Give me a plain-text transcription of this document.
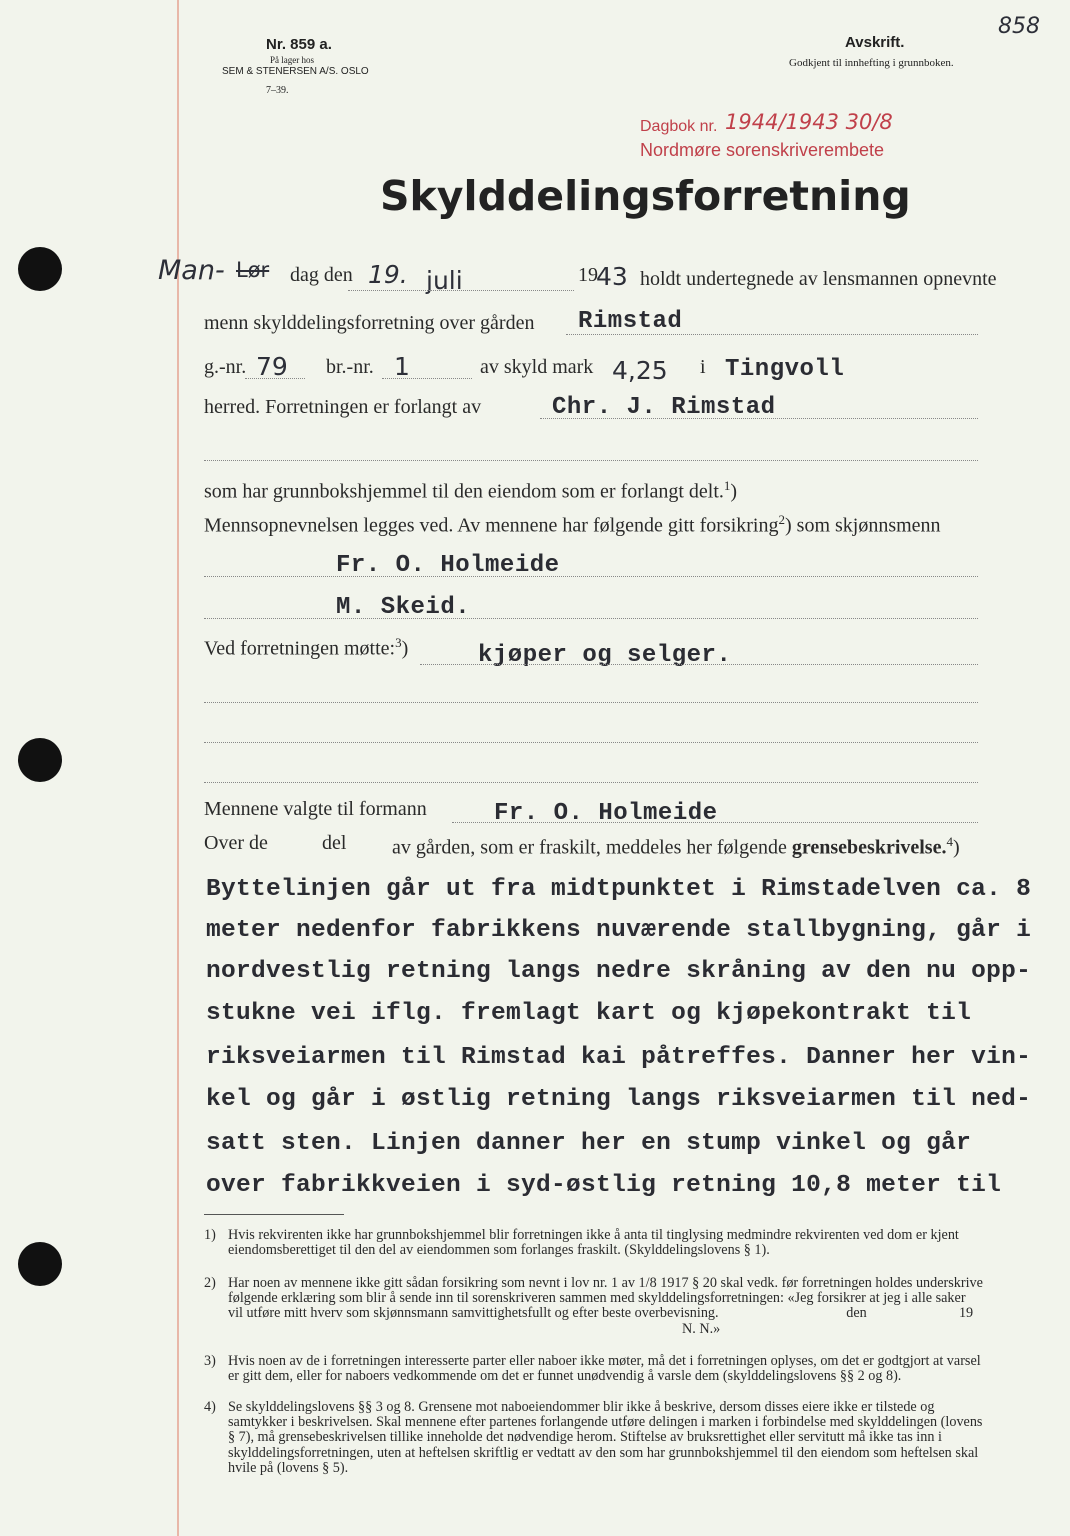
Nr. 859 a.
På lager hos
SEM & STENERSEN A/S. OSLO
7–39.
Avskrift.
Godkjent til innhefting i grunnboken.
858
Dagbok nr. 1944/1943 30/8
Nordmøre sorenskriverembete
Skylddelingsforretning
Man- Lør dag den 19. juli	19
43 holdt undertegnede av lensmannen opnevnte
menn skylddelingsforretning over gården Rimstad
g.-nr. 79 br.-nr. 1	av skyld mark 4,25 i Tingvoll
herred. Forretningen er forlangt av	Chr. J. Rimstad
som har grunnbokshjemmel til den eiendom som er forlangt delt.$^1$)
Mennsopnevnelsen legges ved. Av mennene har følgende gitt forsikring$^2$) som skjønnsmenn
Fr. O. Holmeide
M. Skeid.
Ved forretningen møtte:$^3$)	kjøper og selger.
Mennene valgte til formann	Fr. O. Holmeide
Over de	del av gården, som er fraskilt, meddeles her følgende grensebeskrivelse.$^4$)
Byttelinjen går ut fra midtpunktet i Rimstadelven ca. 8
meter nedenfor fabrikkens nuværende stallbygning, går i
nordvestlig retning langs nedre skråning av den nu opp-
stukne vei iflg. fremlagt kart og kjøpekontrakt til
riksveiarmen til Rimstad kai påtreffes. Danner her vin-
kel og går i østlig retning langs riksveiarmen til ned-
satt sten. Linjen danner her en stump vinkel og går
over fabrikkveien i syd-østlig retning 10,8 meter til
1) Hvis rekvirenten ikke har grunnbokshjemmel blir forretningen ikke å anta til tinglysing medmindre rekvirenten ved dom er kjent eiendomsberettiget til den del av eiendommen som forlanges fraskilt. (Skylddelingslovens § 1).
2) Har noen av mennene ikke gitt sådan forsikring som nevnt i lov nr. 1 av 1/8 1917 § 20 skal vedk. før forretningen holdes underskrive følgende erklæring som blir å sende inn til sorenskriveren sammen med skylddelingsforretningen: «Jeg forsikrer at jeg i alle saker vil utføre mitt hverv som skjønnsmann samvittighetsfullt og efter beste overbevisning.                                    den                          19
N. N.»
3) Hvis noen av de i forretningen interesserte parter eller naboer ikke møter, må det i forretningen oplyses, om det er godtgjort at varsel er gitt dem, eller for naboers vedkommende om det er funnet unødvendig å varsle dem (skylddelingslovens §§ 2 og 8).
4) Se skylddelingslovens §§ 3 og 8. Grensene mot naboeiendommer blir ikke å beskrive, dersom disses eiere ikke er tilstede og samtykker i beskrivelsen. Skal mennene efter partenes forlangende utføre delingen i marken i forbindelse med skylddelingen (lovens § 7), må grensebeskrivelsen tillike inneholde det nødvendige herom. Stiftelse av bruksrettighet eller servitutt må ikke tas inn i skylddelingsforretningen, uten at heftelsen skriftlig er vedtatt av den som har grunnbokshjemmel til den eiendom som heftelsen skal hvile på (lovens § 5).
